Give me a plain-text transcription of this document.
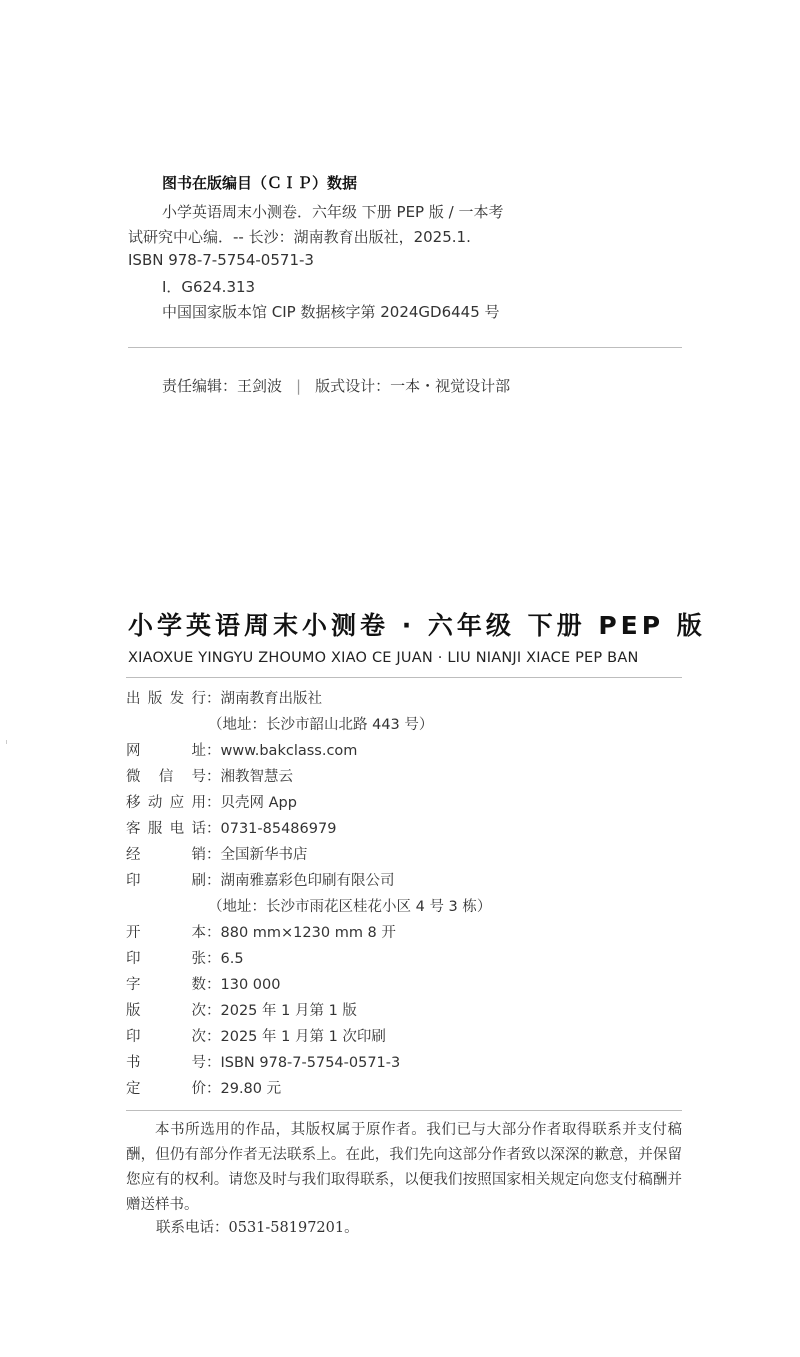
图书在版编目（ＣＩＰ）数据
小学英语周末小测卷．六年级 下册 PEP 版 / 一本考
试研究中心编．-- 长沙：湖南教育出版社，2025.1.
ISBN 978-7-5754-0571-3
Ⅰ．G624.313
中国国家版本馆 CIP 数据核字第 2024GD6445 号
责任编辑：王剑波 | 版式设计：一本・视觉设计部
小学英语周末小测卷 · 六年级 下册 PEP 版
XIAOXUE YINGYU ZHOUMO XIAO CE JUAN · LIU NIANJI XIACE PEP BAN
出版发行 ： 湖南教育出版社
（地址：长沙市韶山北路 443 号）
网址 ： www.bakclass.com
微信号 ： 湘教智慧云
移动应用 ： 贝壳网 App
客服电话 ： 0731-85486979
经销 ： 全国新华书店
印刷 ： 湖南雅嘉彩色印刷有限公司
（地址：长沙市雨花区桂花小区 4 号 3 栋）
开本 ： 880 mm×1230 mm 8 开
印张 ： 6.5
字数 ： 130 000
版次 ： 2025 年 1 月第 1 版
印次 ： 2025 年 1 月第 1 次印刷
书号 ： ISBN 978-7-5754-0571-3
定价 ： 29.80 元
本书所选用的作品，其版权属于原作者。我们已与大部分作者取得联系并支付稿酬，但仍有部分作者无法联系上。在此，我们先向这部分作者致以深深的歉意，并保留您应有的权利。请您及时与我们取得联系，以便我们按照国家相关规定向您支付稿酬并赠送样书。
联系电话：0531-58197201。
